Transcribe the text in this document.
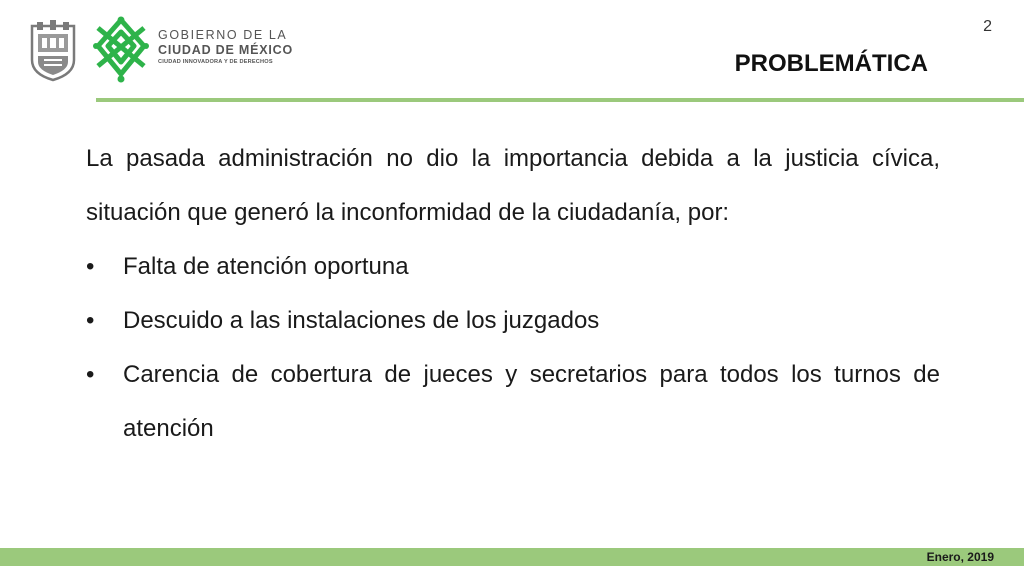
GOBIERNO DE LA
CIUDAD DE MÉXICO
CIUDAD INNOVADORA Y DE DERECHOS
2
PROBLEMÁTICA

La pasada administración no dio la importancia debida a la justicia cívica, situación que generó la inconformidad de la ciudadanía, por:

• Falta de atención oportuna
• Descuido a las instalaciones de los juzgados
• Carencia de cobertura de jueces y secretarios para todos los turnos de atención
Enero, 2019
